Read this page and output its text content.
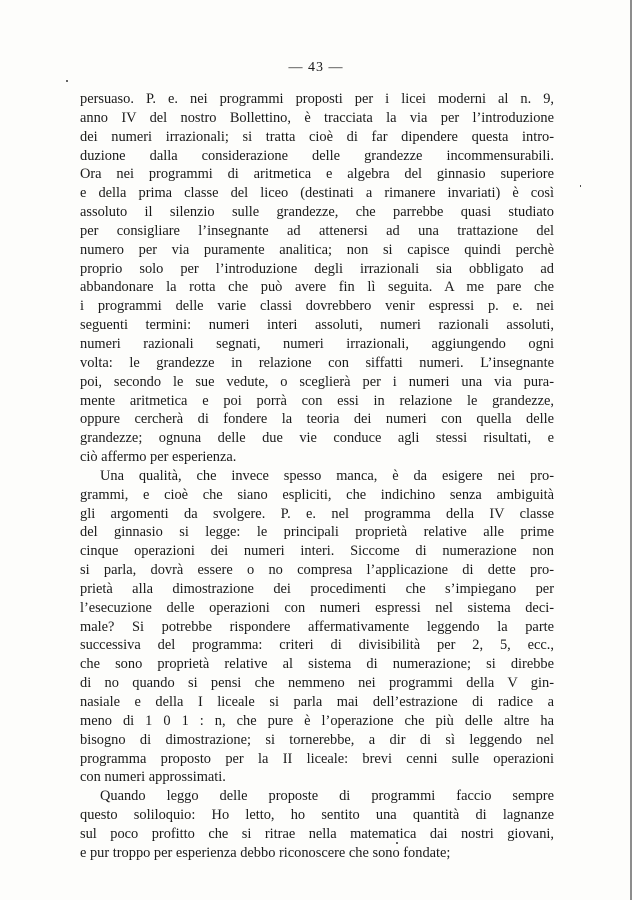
— 43 —
persuaso. P. e. nei programmi proposti per i licei moderni al n. 9,
anno IV del nostro Bollettino, è tracciata la via per l’introduzione
dei numeri irrazionali; si tratta cioè di far dipendere questa intro-
duzione dalla considerazione delle grandezze incommensurabili.
Ora nei programmi di aritmetica e algebra del ginnasio superiore
e della prima classe del liceo (destinati a rimanere invariati) è così
assoluto il silenzio sulle grandezze, che parrebbe quasi studiato
per consigliare l’insegnante ad attenersi ad una trattazione del
numero per via puramente analitica; non si capisce quindi perchè
proprio solo per l’introduzione degli irrazionali sia obbligato ad
abbandonare la rotta che può avere fin lì seguita. A me pare che
i programmi delle varie classi dovrebbero venir espressi p. e. nei
seguenti termini: numeri interi assoluti, numeri razionali assoluti,
numeri razionali segnati, numeri irrazionali, aggiungendo ogni
volta: le grandezze in relazione con siffatti numeri. L’insegnante
poi, secondo le sue vedute, o sceglierà per i numeri una via pura-
mente aritmetica e poi porrà con essi in relazione le grandezze,
oppure cercherà di fondere la teoria dei numeri con quella delle
grandezze; ognuna delle due vie conduce agli stessi risultati, e
ciò affermo per esperienza.
Una qualità, che invece spesso manca, è da esigere nei pro-
grammi, e cioè che siano espliciti, che indichino senza ambiguità
gli argomenti da svolgere. P. e. nel programma della IV classe
del ginnasio si legge: le principali proprietà relative alle prime
cinque operazioni dei numeri interi. Siccome di numerazione non
si parla, dovrà essere o no compresa l’applicazione di dette pro-
prietà alla dimostrazione dei procedimenti che s’impiegano per
l’esecuzione delle operazioni con numeri espressi nel sistema deci-
male? Si potrebbe rispondere affermativamente leggendo la parte
successiva del programma: criteri di divisibilità per 2, 5, ecc.,
che sono proprietà relative al sistema di numerazione; si direbbe
di no quando si pensi che nemmeno nei programmi della V gin-
nasiale e della I liceale si parla mai dell’estrazione di radice a
meno di 1 0 1 : n, che pure è l’operazione che più delle altre ha
bisogno di dimostrazione; si tornerebbe, a dir di sì leggendo nel
programma proposto per la II liceale: brevi cenni sulle operazioni
con numeri approssimati.
Quando leggo delle proposte di programmi faccio sempre
questo soliloquio: Ho letto, ho sentito una quantità di lagnanze
sul poco profitto che si ritrae nella matematica dai nostri giovani,
e pur troppo per esperienza debbo riconoscere che sono fondate;
